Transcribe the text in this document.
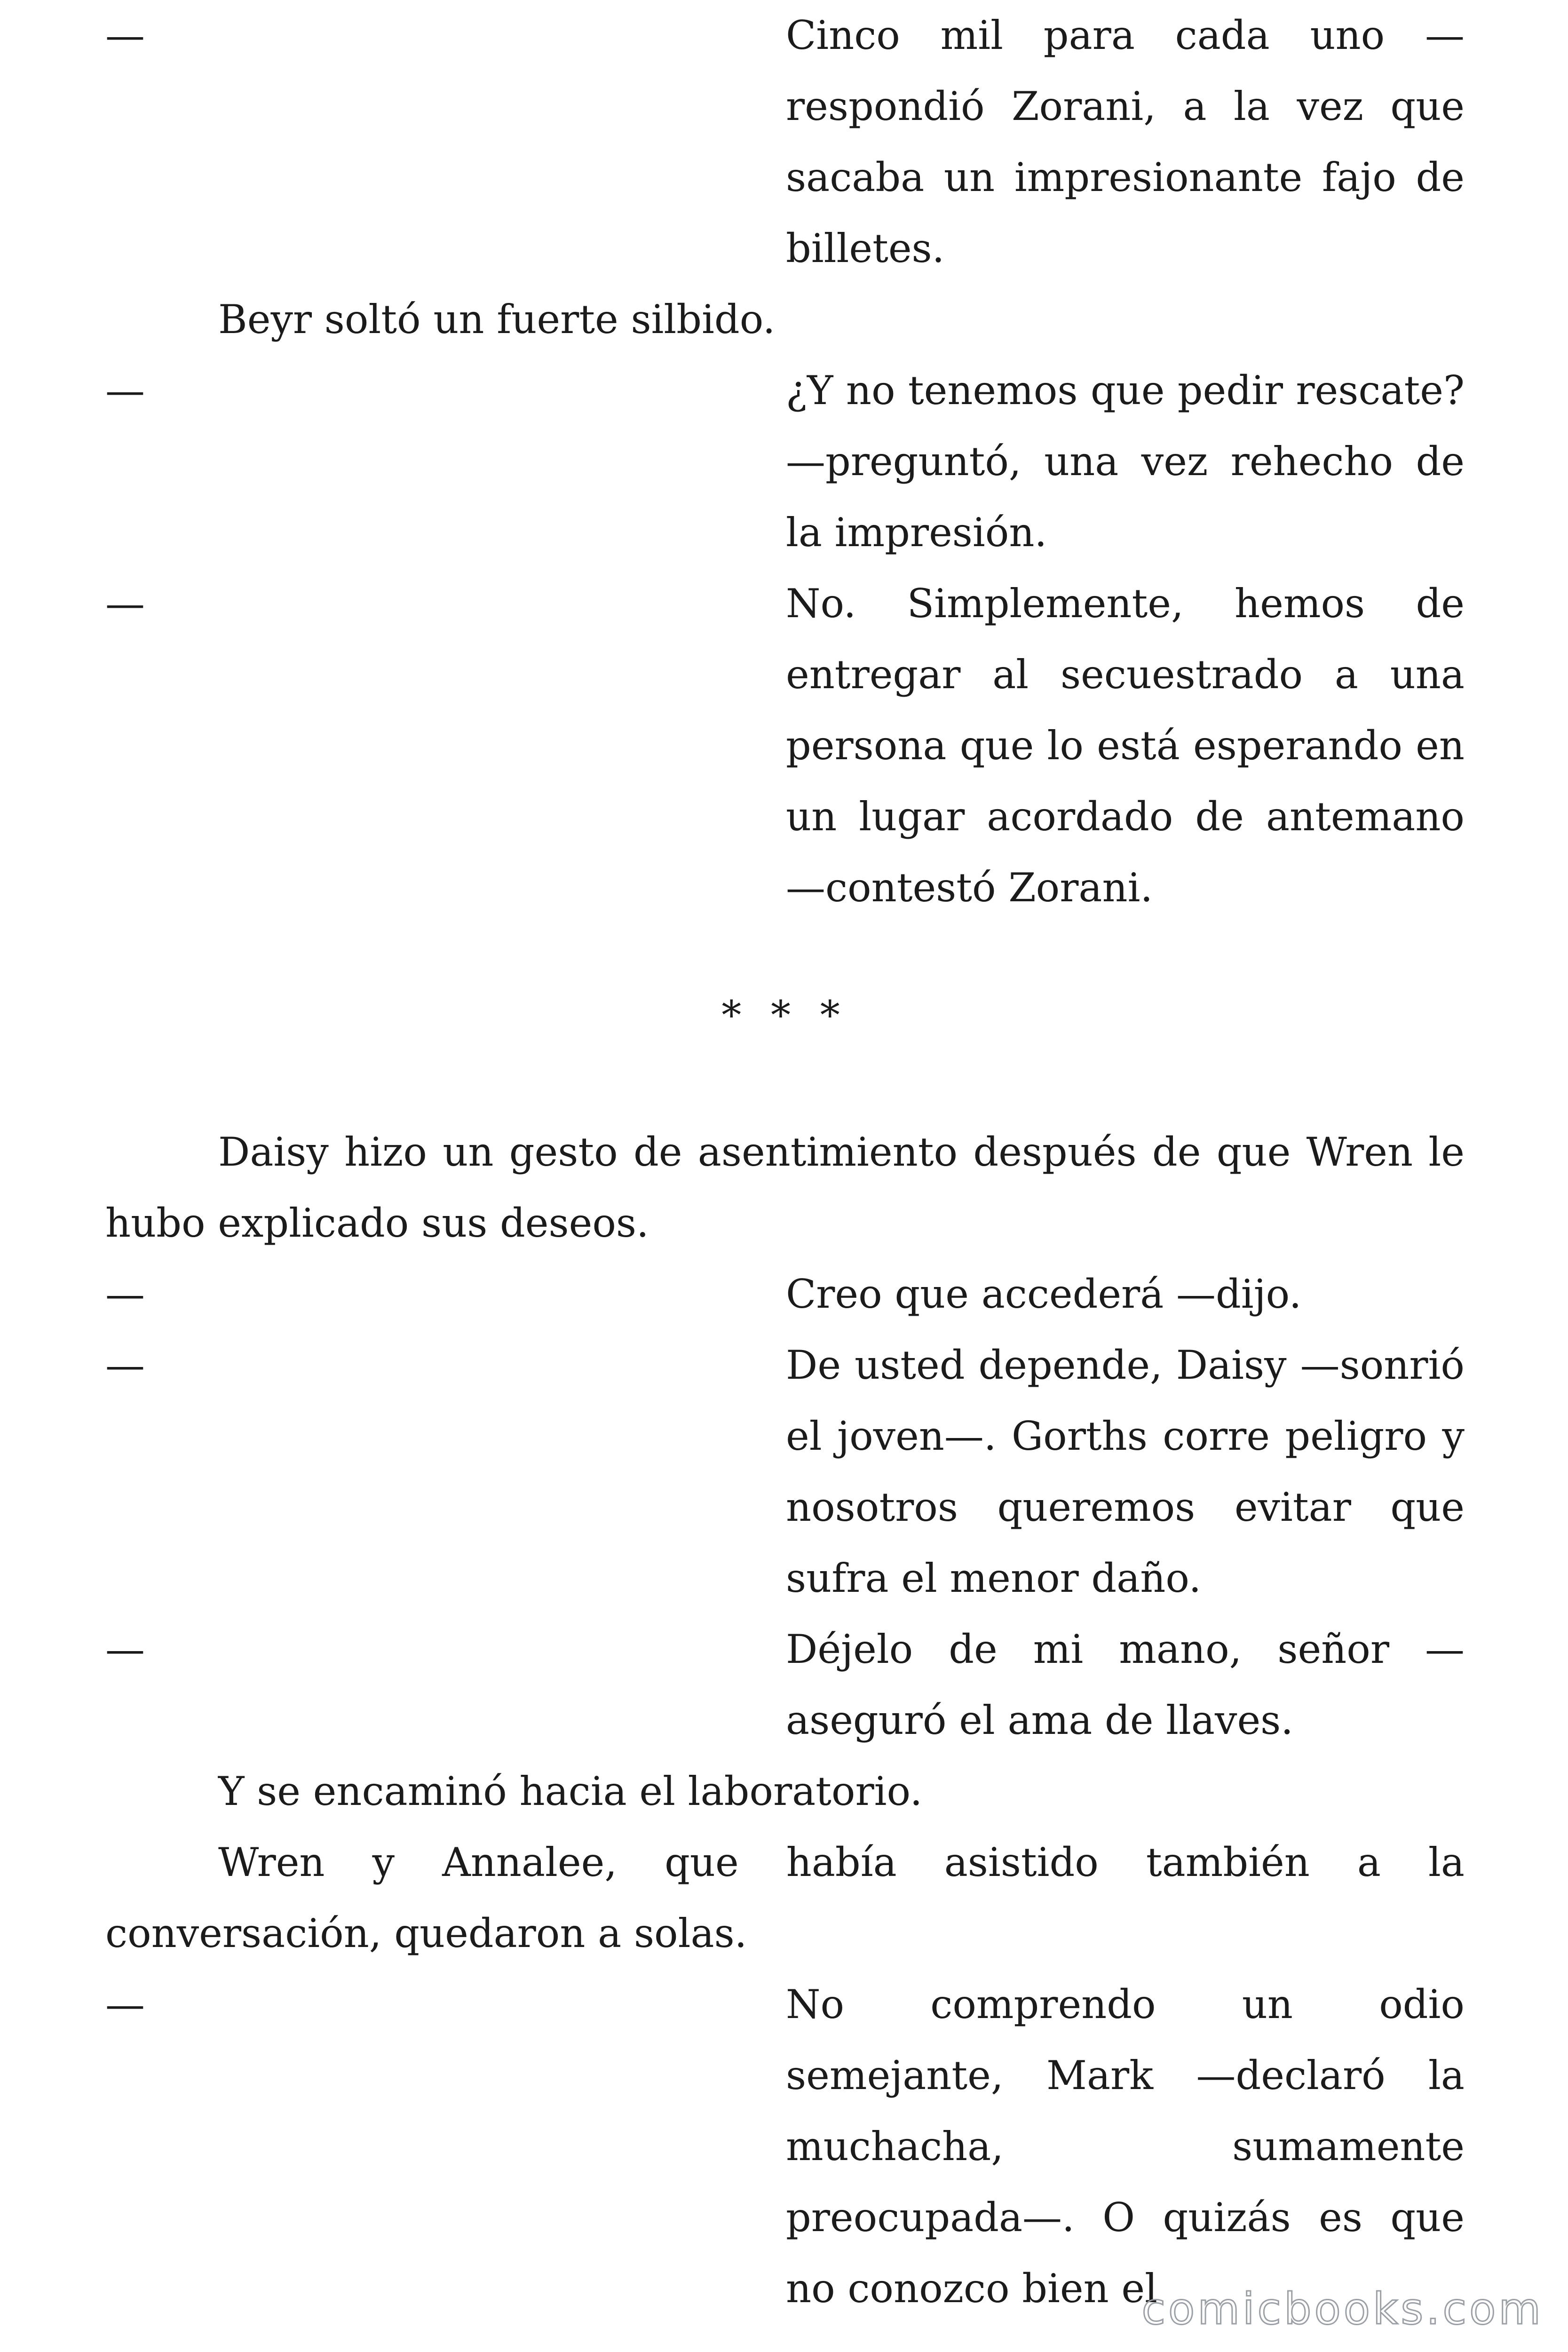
—	Cinco mil para cada uno —respondió Zorani, a la vez que sacaba un impresionante fajo de billetes.

Beyr soltó un fuerte silbido.

—	¿Y no tenemos que pedir rescate? —preguntó, una vez rehecho de la impresión.
—	No. Simplemente, hemos de entregar al secuestrado a una persona que lo está esperando en un lugar acordado de antemano —contestó Zorani.
* * *

Daisy hizo un gesto de asentimiento después de que Wren le hubo explicado sus deseos.

—	Creo que accederá —dijo.
—	De usted depende, Daisy —sonrió el joven—. Gorths corre peligro y nosotros queremos evitar que sufra el menor daño.
—	Déjelo de mi mano, señor —aseguró el ama de llaves.

Y se encaminó hacia el laboratorio.

Wren y Annalee, que había asistido también a la conversación, quedaron a solas.

—	No comprendo un odio semejante, Mark —declaró la muchacha, sumamente preocupada—. O quizás es que no conozco bien el
comicbooks.com
